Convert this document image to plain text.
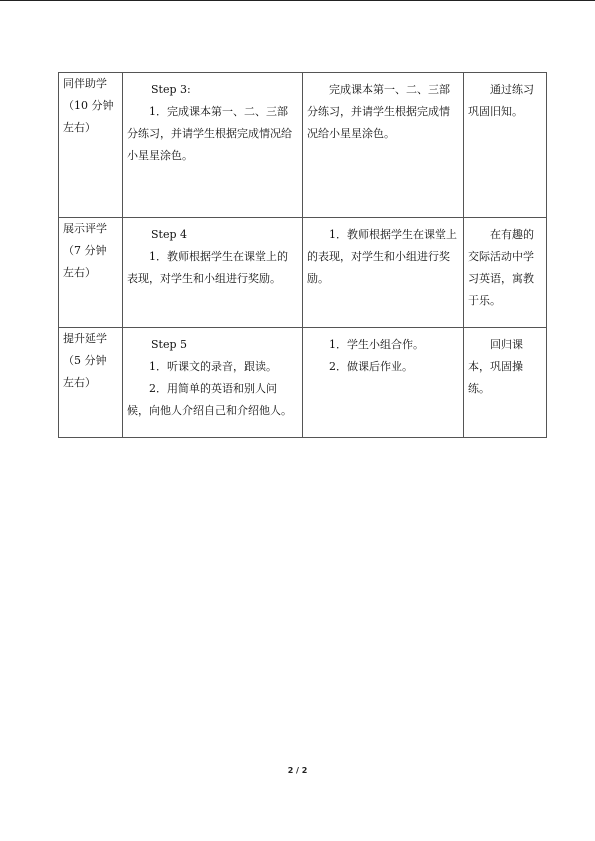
同伴助学
（10 分钟
左右）	Step 3:
1．完成课本第一、二、三部分练习，并请学生根据完成情况给小星星涂色。	完成课本第一、二、三部分练习，并请学生根据完成情况给小星星涂色。	通过练习巩固旧知。

展示评学
（7 分钟
左右）	Step 4
1．教师根据学生在课堂上的表现，对学生和小组进行奖励。	1．教师根据学生在课堂上的表现，对学生和小组进行奖励。	在有趣的交际活动中学习英语，寓教于乐。

提升延学
（5 分钟
左右）	Step 5
1．听课文的录音，跟读。
2．用简单的英语和别人问候，向他人介绍自己和介绍他人。	1．学生小组合作。
2．做课后作业。	回归课本，巩固操练。
2 / 2
